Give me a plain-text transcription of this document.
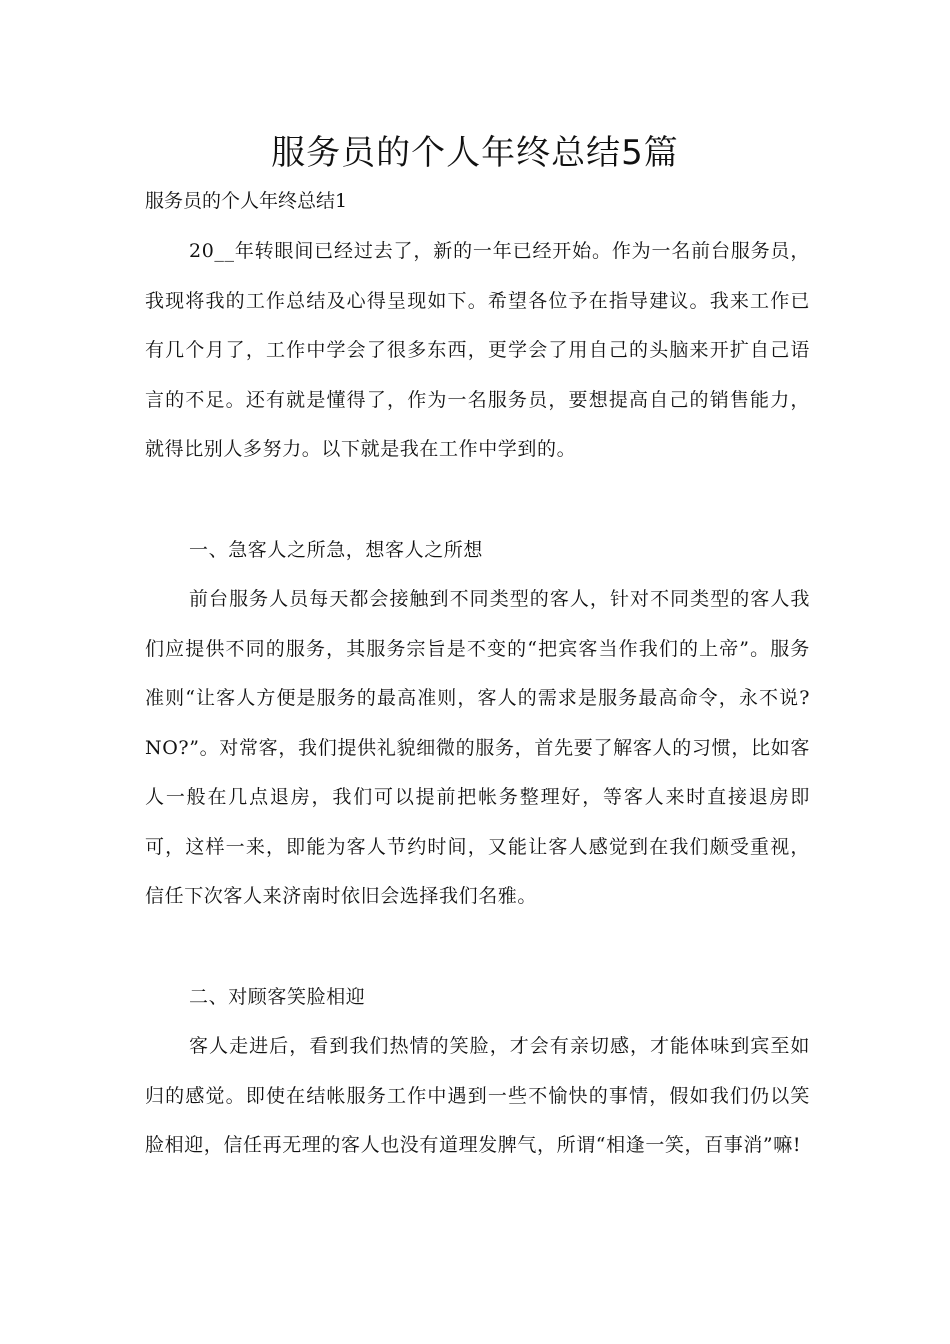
服务员的个人年终总结5篇
服务员的个人年终总结1

20__年转眼间已经过去了，新的一年已经开始。作为一名前台服务员，我现将我的工作总结及心得呈现如下。希望各位予在指导建议。我来工作已有几个月了，工作中学会了很多东西，更学会了用自己的头脑来开扩自己语言的不足。还有就是懂得了，作为一名服务员，要想提高自己的销售能力，就得比别人多努力。以下就是我在工作中学到的。

一、急客人之所急，想客人之所想

前台服务人员每天都会接触到不同类型的客人，针对不同类型的客人我们应提供不同的服务，其服务宗旨是不变的“把宾客当作我们的上帝”。服务准则“让客人方便是服务的最高准则，客人的需求是服务最高命令，永不说?NO?”。对常客，我们提供礼貌细微的服务，首先要了解客人的习惯，比如客人一般在几点退房，我们可以提前把帐务整理好，等客人来时直接退房即可，这样一来，即能为客人节约时间，又能让客人感觉到在我们颇受重视，信任下次客人来济南时依旧会选择我们名雅。

二、对顾客笑脸相迎

客人走进后，看到我们热情的笑脸，才会有亲切感，才能体味到宾至如归的感觉。即使在结帐服务工作中遇到一些不愉快的事情，假如我们仍以笑脸相迎，信任再无理的客人也没有道理发脾气，所谓“相逢一笑，百事消”嘛!
